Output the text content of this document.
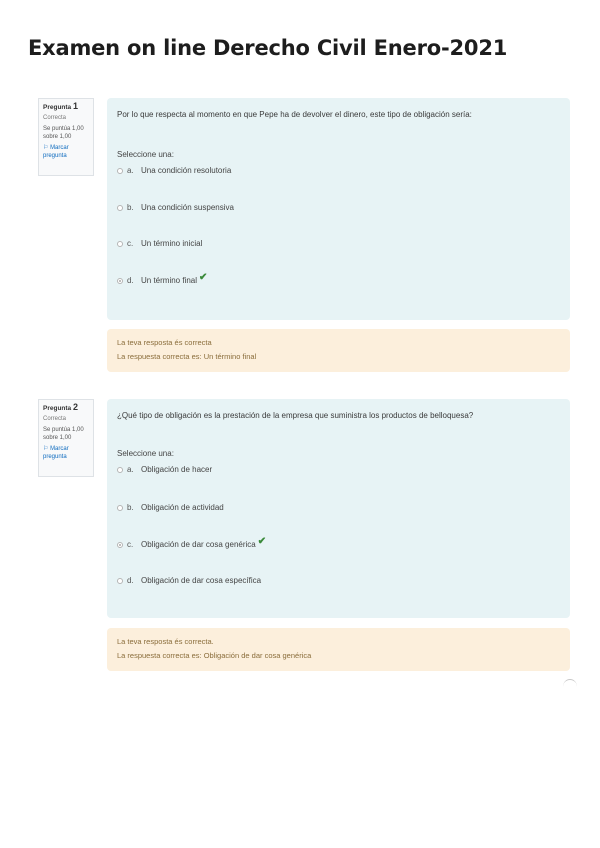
Examen on line Derecho Civil Enero-2021
Pregunta 1
Correcta
Se puntúa 1,00 sobre 1,00
⚐ Marcar pregunta
Por lo que respecta al momento en que Pepe ha de devolver el dinero, este tipo de obligación sería:
Seleccione una:
a. Una condición resolutoria
b. Una condición suspensiva
c. Un término inicial
d. Un término final ✔
La teva resposta és correcta
La respuesta correcta es: Un término final
Pregunta 2
Correcta
Se puntúa 1,00 sobre 1,00
⚐ Marcar pregunta
¿Qué tipo de obligación es la prestación de la empresa que suministra los productos de belloquesa?
Seleccione una:
a. Obligación de hacer
b. Obligación de actividad
c. Obligación de dar cosa genérica ✔
d. Obligación de dar cosa específica
La teva resposta és correcta.
La respuesta correcta es: Obligación de dar cosa genérica
